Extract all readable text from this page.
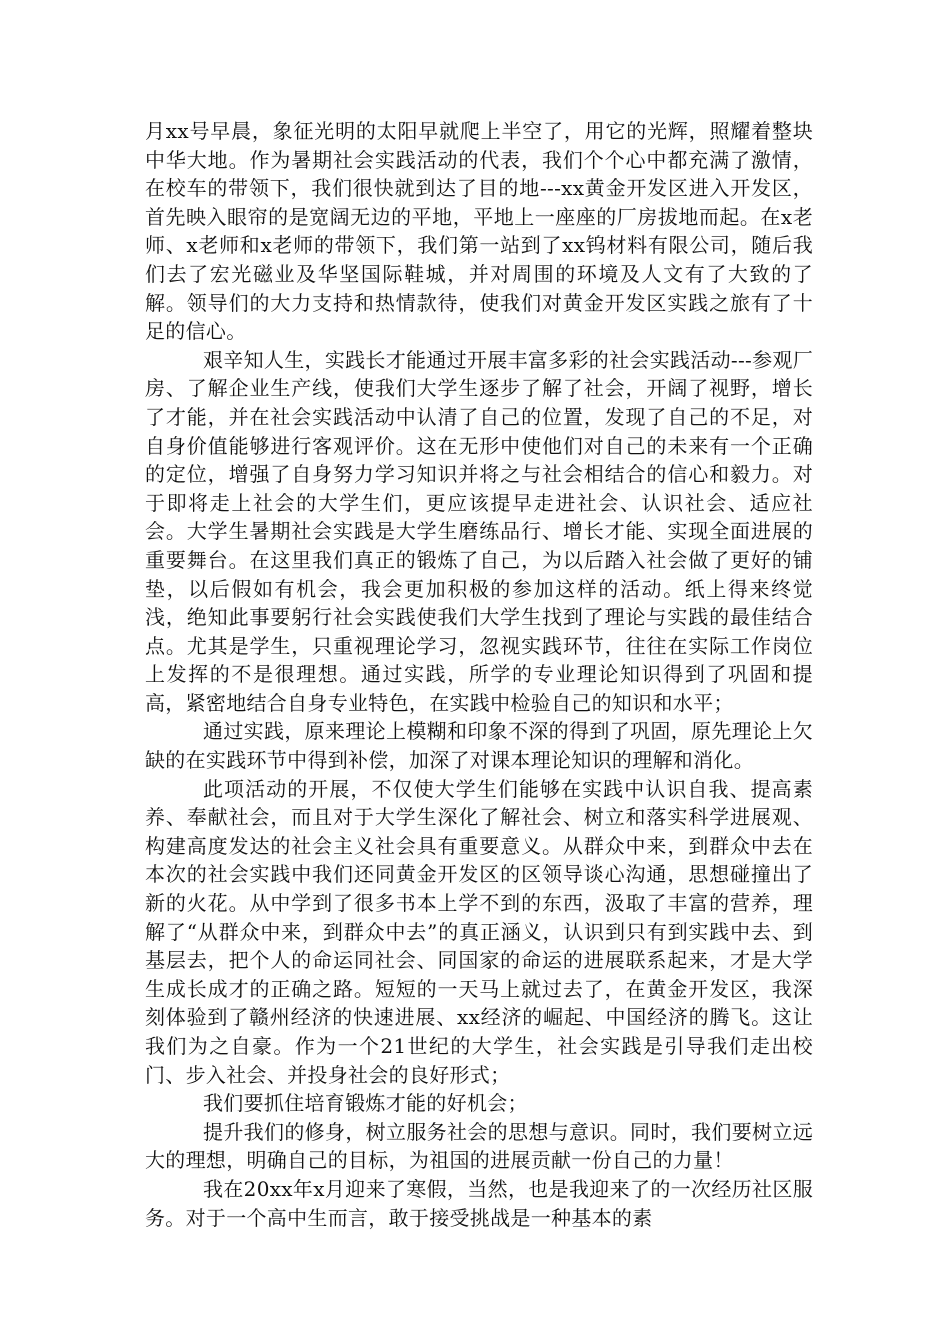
月xx号早晨，象征光明的太阳早就爬上半空了，用它的光辉，照耀着整块中华大地。作为暑期社会实践活动的代表，我们个个心中都充满了激情，在校车的带领下，我们很快就到达了目的地---xx黄金开发区进入开发区，首先映入眼帘的是宽阔无边的平地，平地上一座座的厂房拔地而起。在x老师、x老师和x老师的带领下，我们第一站到了xx钨材料有限公司，随后我们去了宏光磁业及华坚国际鞋城，并对周围的环境及人文有了大致的了解。领导们的大力支持和热情款待，使我们对黄金开发区实践之旅有了十足的信心。

艰辛知人生，实践长才能通过开展丰富多彩的社会实践活动---参观厂房、了解企业生产线，使我们大学生逐步了解了社会，开阔了视野，增长了才能，并在社会实践活动中认清了自己的位置，发现了自己的不足，对自身价值能够进行客观评价。这在无形中使他们对自己的未来有一个正确的定位，增强了自身努力学习知识并将之与社会相结合的信心和毅力。对于即将走上社会的大学生们，更应该提早走进社会、认识社会、适应社会。大学生暑期社会实践是大学生磨练品行、增长才能、实现全面进展的重要舞台。在这里我们真正的锻炼了自己，为以后踏入社会做了更好的铺垫，以后假如有机会，我会更加积极的参加这样的活动。纸上得来终觉浅，绝知此事要躬行社会实践使我们大学生找到了理论与实践的最佳结合点。尤其是学生，只重视理论学习，忽视实践环节，往往在实际工作岗位上发挥的不是很理想。通过实践，所学的专业理论知识得到了巩固和提高，紧密地结合自身专业特色，在实践中检验自己的知识和水平；

通过实践，原来理论上模糊和印象不深的得到了巩固，原先理论上欠缺的在实践环节中得到补偿，加深了对课本理论知识的理解和消化。

此项活动的开展，不仅使大学生们能够在实践中认识自我、提高素养、奉献社会，而且对于大学生深化了解社会、树立和落实科学进展观、构建高度发达的社会主义社会具有重要意义。从群众中来，到群众中去在本次的社会实践中我们还同黄金开发区的区领导谈心沟通，思想碰撞出了新的火花。从中学到了很多书本上学不到的东西，汲取了丰富的营养，理解了“从群众中来，到群众中去”的真正涵义，认识到只有到实践中去、到基层去，把个人的命运同社会、同国家的命运的进展联系起来，才是大学生成长成才的正确之路。短短的一天马上就过去了，在黄金开发区，我深刻体验到了赣州经济的快速进展、xx经济的崛起、中国经济的腾飞。这让我们为之自豪。作为一个21世纪的大学生，社会实践是引导我们走出校门、步入社会、并投身社会的良好形式；

我们要抓住培育锻炼才能的好机会；

提升我们的修身，树立服务社会的思想与意识。同时，我们要树立远大的理想，明确自己的目标，为祖国的进展贡献一份自己的力量！

我在20xx年x月迎来了寒假，当然，也是我迎来了的一次经历社区服务。对于一个高中生而言，敢于接受挑战是一种基本的素
